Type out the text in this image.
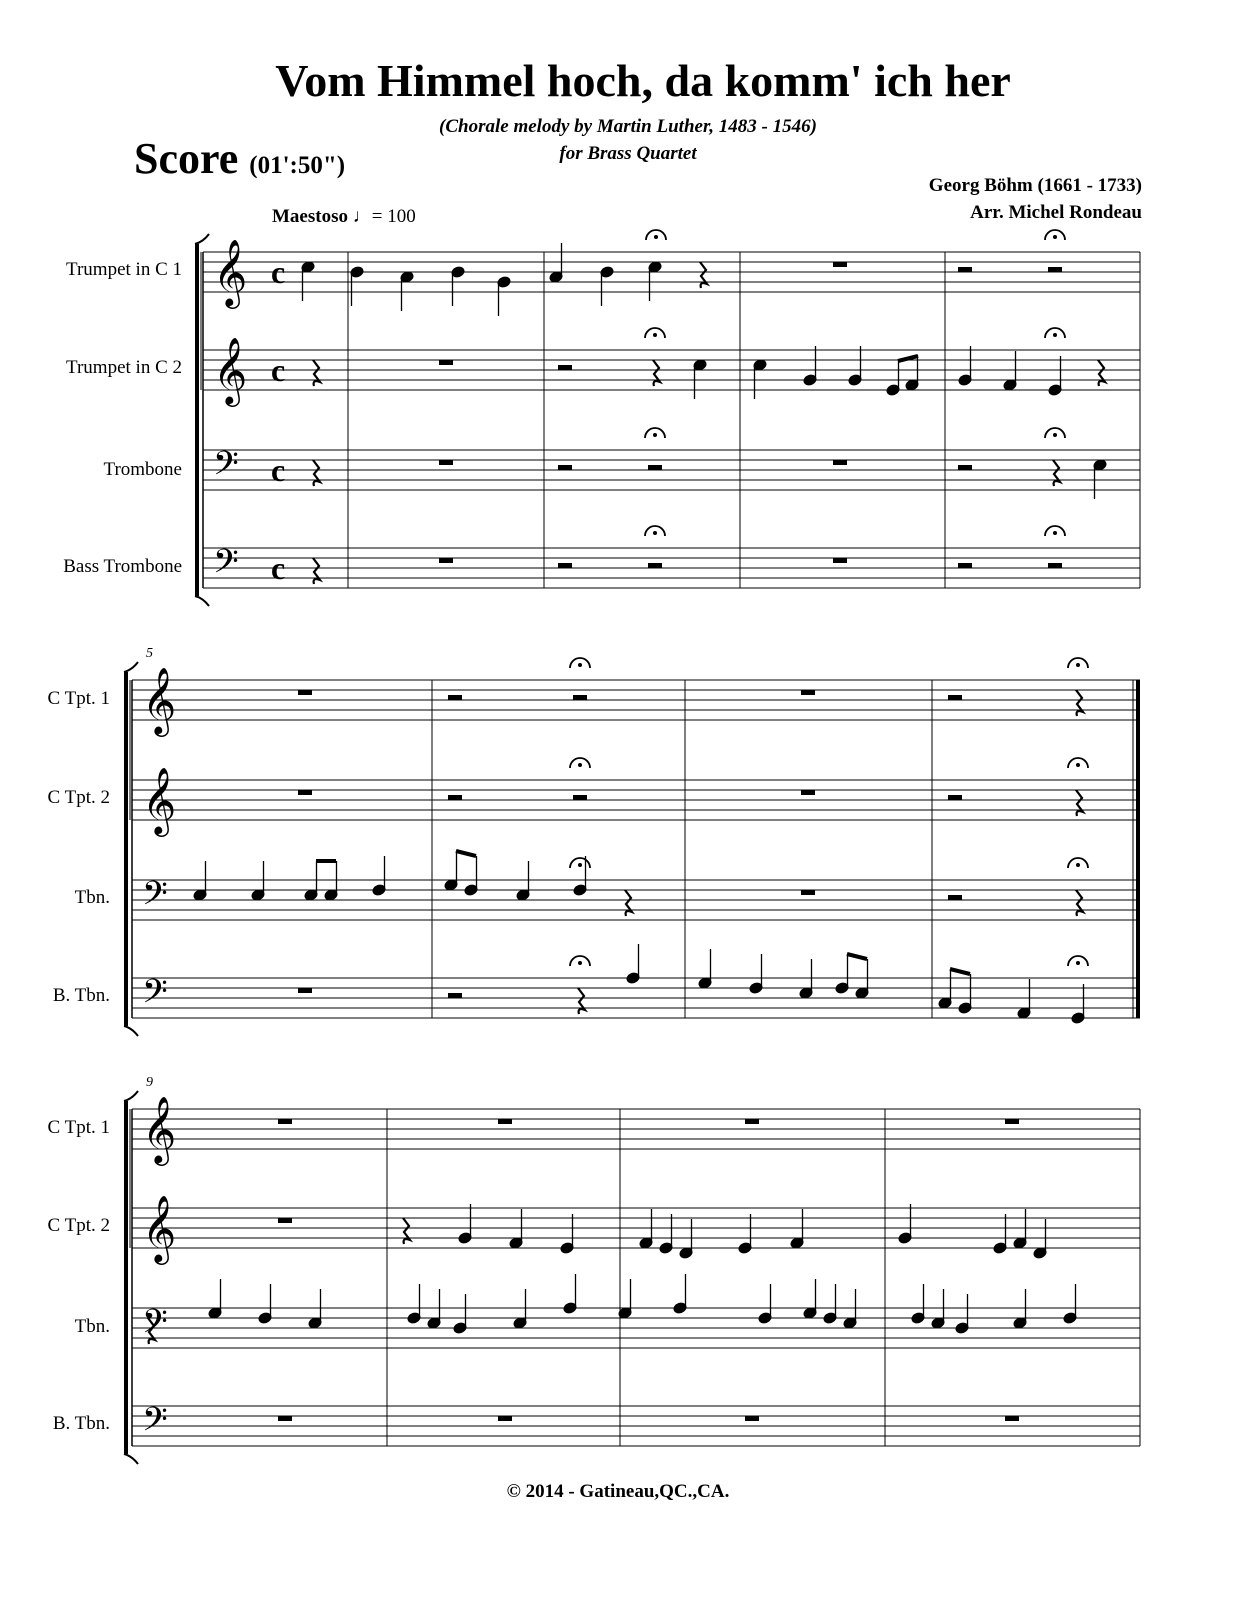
Vom Himmel hoch, da komm' ich her
(Chorale melody by Martin Luther, 1483 - 1546)
for Brass Quartet
Score (01':50")
Georg Böhm (1661 - 1733)
Arr. Michel Rondeau
Maestoso ♩= 100
Trumpet in C 1
Trumpet in C 2
Trombone
Bass Trombone
C Tpt. 1
C Tpt. 2
Tbn.
B. Tbn.
C Tpt. 1
C Tpt. 2
Tbn.
B. Tbn.
5
9
𝄞 c
𝄞 c
𝄢 c
𝄢 c
𝄞
𝄞
𝄢
𝄢
𝄞
𝄞
𝄢
𝄢
© 2014 - Gatineau,QC.,CA.
